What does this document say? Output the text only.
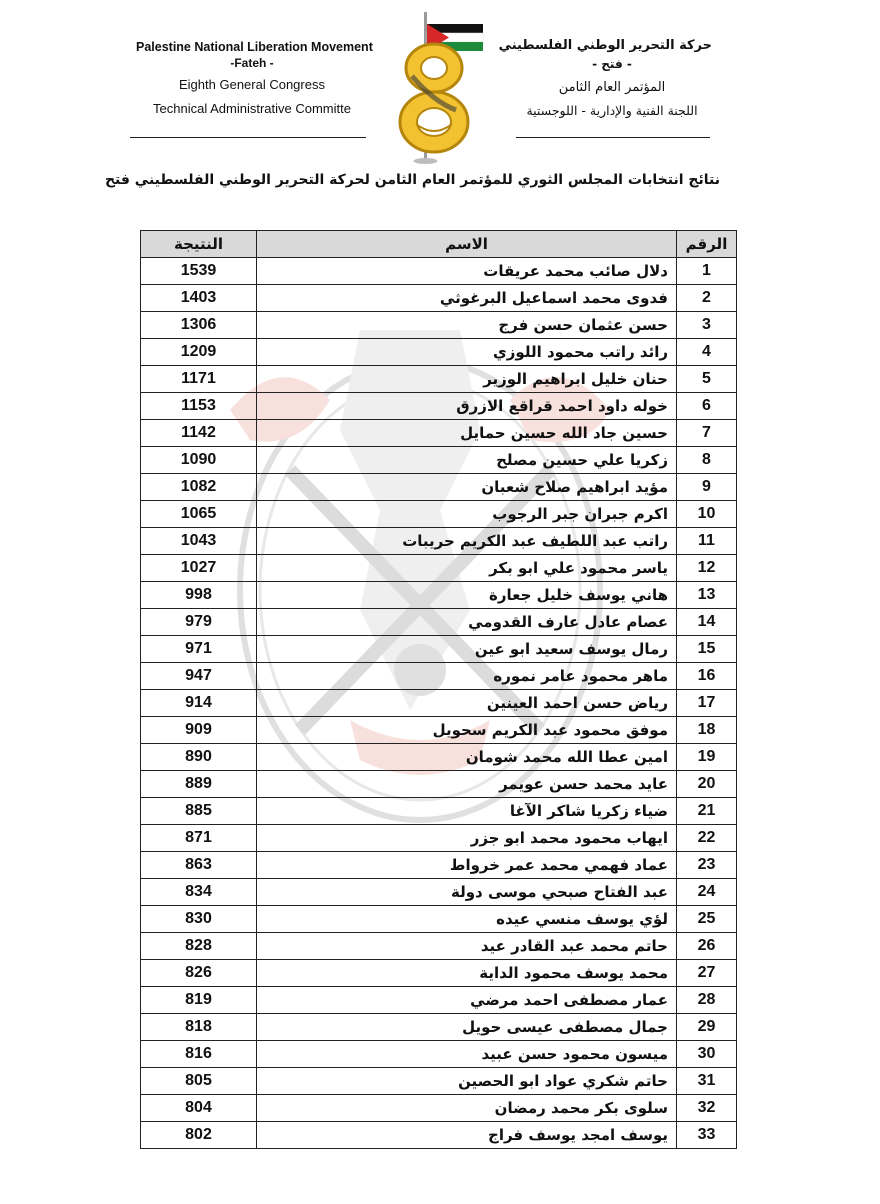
Palestine National Liberation Movement
-Fateh -
Eighth General Congress
Technical Administrative Committe
حركة التحرير الوطني الفلسطيني
- فتح -
المؤتمر العام الثامن
اللجنة الفنية والإدارية - اللوجستية
نتائج انتخابات المجلس الثوري للمؤتمر العام الثامن لحركة التحرير الوطني الفلسطيني فتح
الرقم	الاسم	النتيجة
1	دلال صائب محمد عريقات	1539
2	فدوى محمد اسماعيل البرغوثي	1403
3	حسن عثمان حسن فرج	1306
4	رائد راتب محمود اللوزي	1209
5	حنان خليل ابراهيم الوزير	1171
6	خوله داود احمد قراقع الازرق	1153
7	حسين جاد الله حسين حمايل	1142
8	زكريا علي حسين مصلح	1090
9	مؤيد ابراهيم صلاح شعبان	1082
10	اكرم جبران جبر الرجوب	1065
11	راتب عبد اللطيف عبد الكريم حريبات	1043
12	ياسر محمود علي ابو بكر	1027
13	هاني يوسف خليل جعارة	998
14	عصام عادل عارف القدومي	979
15	رمال يوسف سعيد ابو عين	971
16	ماهر محمود عامر نموره	947
17	رياض حسن احمد العينين	914
18	موفق محمود عبد الكريم سحويل	909
19	امين عطا الله محمد شومان	890
20	عايد محمد حسن عويمر	889
21	ضياء زكريا شاكر الآغا	885
22	ايهاب محمود محمد ابو جزر	871
23	عماد فهمي محمد عمر خرواط	863
24	عبد الفتاح صبحي موسى دولة	834
25	لؤي يوسف منسي عيده	830
26	حاتم محمد عبد القادر عيد	828
27	محمد يوسف محمود الداية	826
28	عمار مصطفى احمد مرضي	819
29	جمال مصطفى عيسى حويل	818
30	ميسون محمود حسن عبيد	816
31	حاتم شكري عواد ابو الحصين	805
32	سلوى بكر محمد رمضان	804
33	يوسف امجد يوسف فراج	802
